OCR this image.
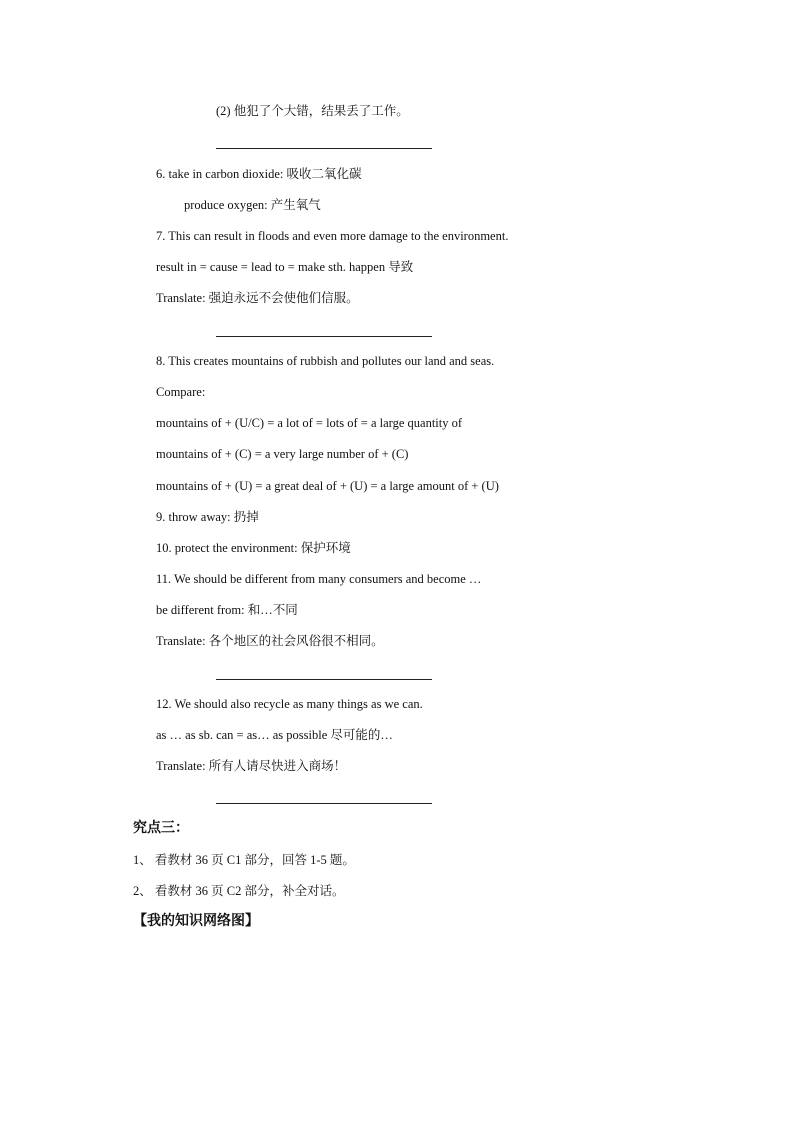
(2) 他犯了个大错，结果丢了工作。
6. take in carbon dioxide: 吸收二氧化碳
produce oxygen: 产生氧气
7. This can result in floods and even more damage to the environment.
result in = cause = lead to = make sth. happen 导致
Translate: 强迫永远不会使他们信服。
8. This creates mountains of rubbish and pollutes our land and seas.
Compare:
mountains of + (U/C) = a lot of = lots of = a large quantity of
mountains of + (C) = a very large number of + (C)
mountains of + (U) = a great deal of + (U) = a large amount of + (U)
9. throw away: 扔掉
10. protect the environment: 保护环境
11. We should be different from many consumers and become …
be different from: 和…不同
Translate: 各个地区的社会风俗很不相同。
12. We should also recycle as many things as we can.
as … as sb. can = as… as possible 尽可能的…
Translate: 所有人请尽快进入商场！
究点三：
1、 看教材 36 页 C1 部分，回答 1-5 题。
2、 看教材 36 页 C2 部分，补全对话。
【我的知识网络图】
